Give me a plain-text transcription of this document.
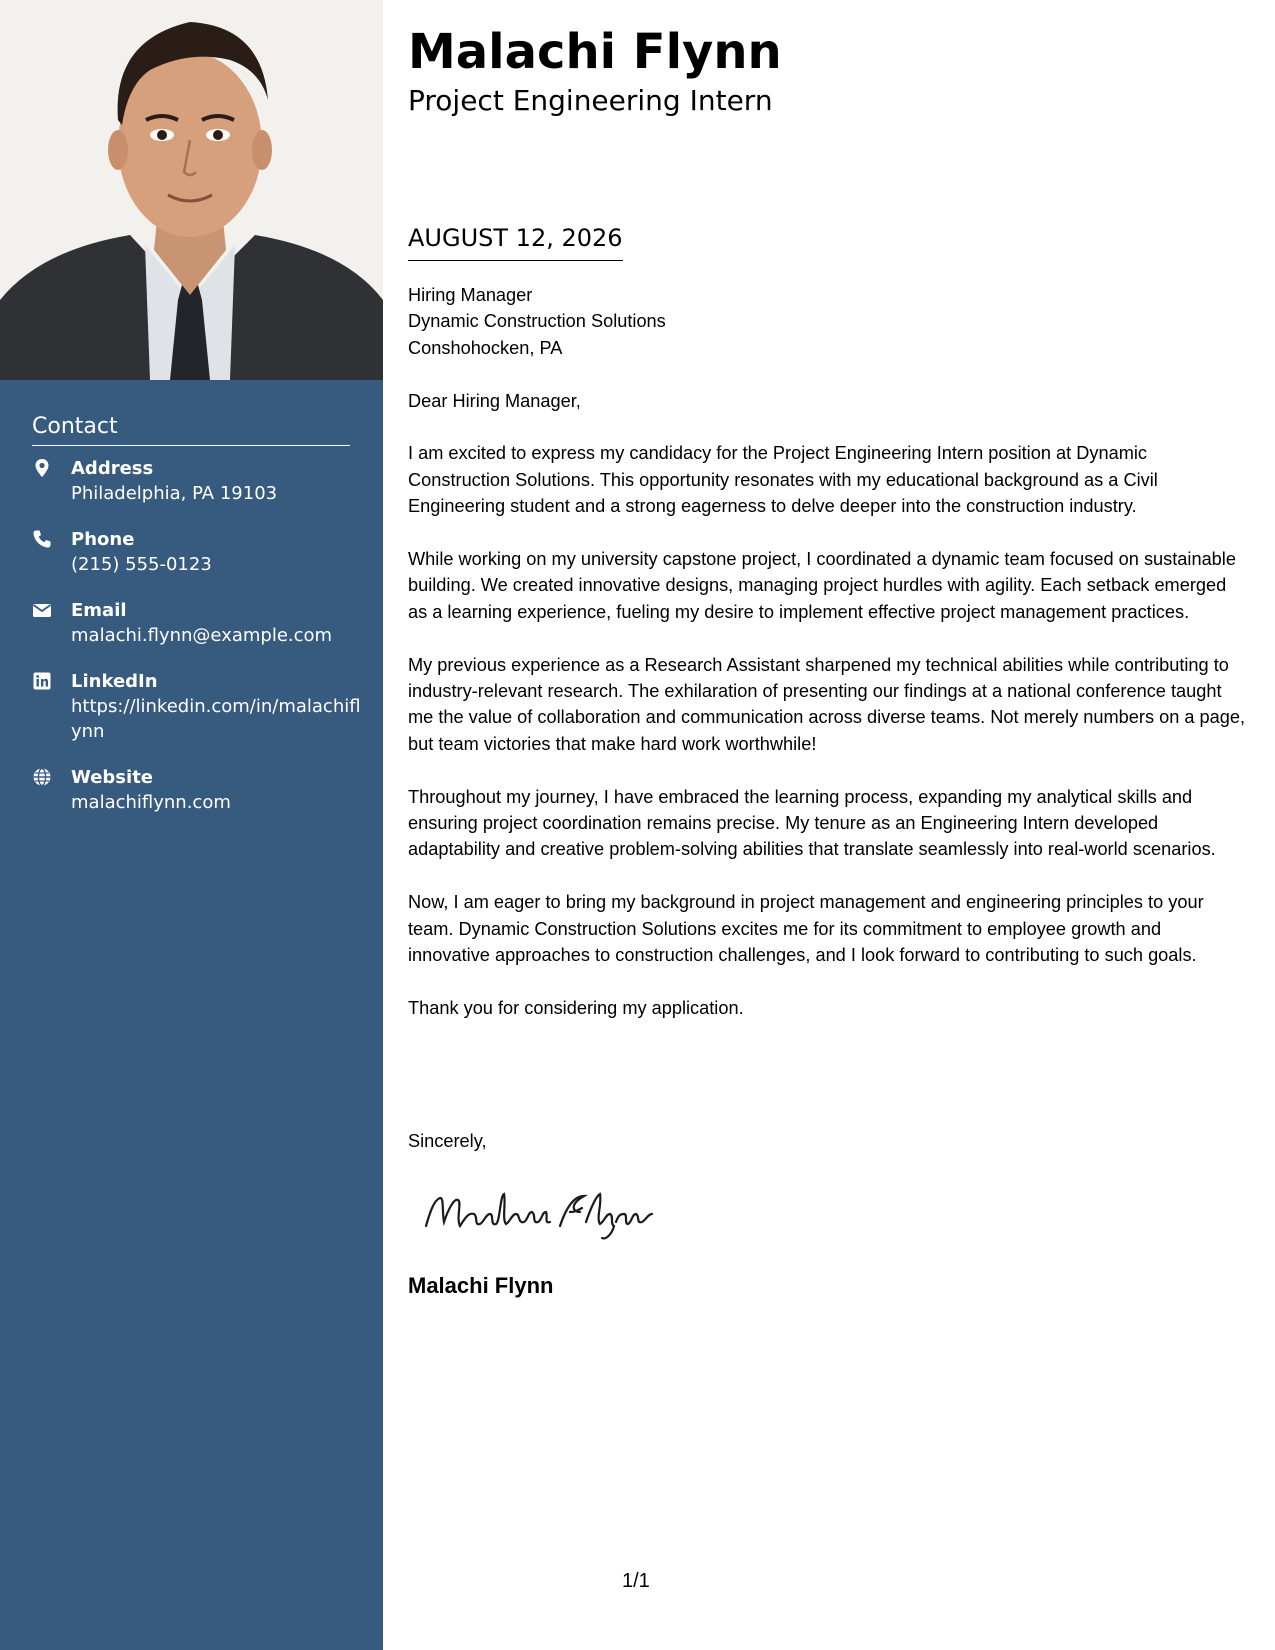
Contact
Address
Philadelphia, PA 19103
Phone
(215) 555-0123
Email
malachi.flynn@example.com
LinkedIn
https://linkedin.com/in/malachiflynn
Website
malachiflynn.com
Malachi Flynn
Project Engineering Intern
AUGUST 12, 2026
Hiring Manager
Dynamic Construction Solutions
Conshohocken, PA

Dear Hiring Manager,

I am excited to express my candidacy for the Project Engineering Intern position at Dynamic Construction Solutions. This opportunity resonates with my educational background as a Civil Engineering student and a strong eagerness to delve deeper into the construction industry.

While working on my university capstone project, I coordinated a dynamic team focused on sustainable building. We created innovative designs, managing project hurdles with agility. Each setback emerged as a learning experience, fueling my desire to implement effective project management practices.

My previous experience as a Research Assistant sharpened my technical abilities while contributing to industry-relevant research. The exhilaration of presenting our findings at a national conference taught me the value of collaboration and communication across diverse teams. Not merely numbers on a page, but team victories that make hard work worthwhile!

Throughout my journey, I have embraced the learning process, expanding my analytical skills and ensuring project coordination remains precise. My tenure as an Engineering Intern developed adaptability and creative problem-solving abilities that translate seamlessly into real-world scenarios.

Now, I am eager to bring my background in project management and engineering principles to your team. Dynamic Construction Solutions excites me for its commitment to employee growth and innovative approaches to construction challenges, and I look forward to contributing to such goals.

Thank you for considering my application.

Sincerely,
Malachi Flynn
1/1
